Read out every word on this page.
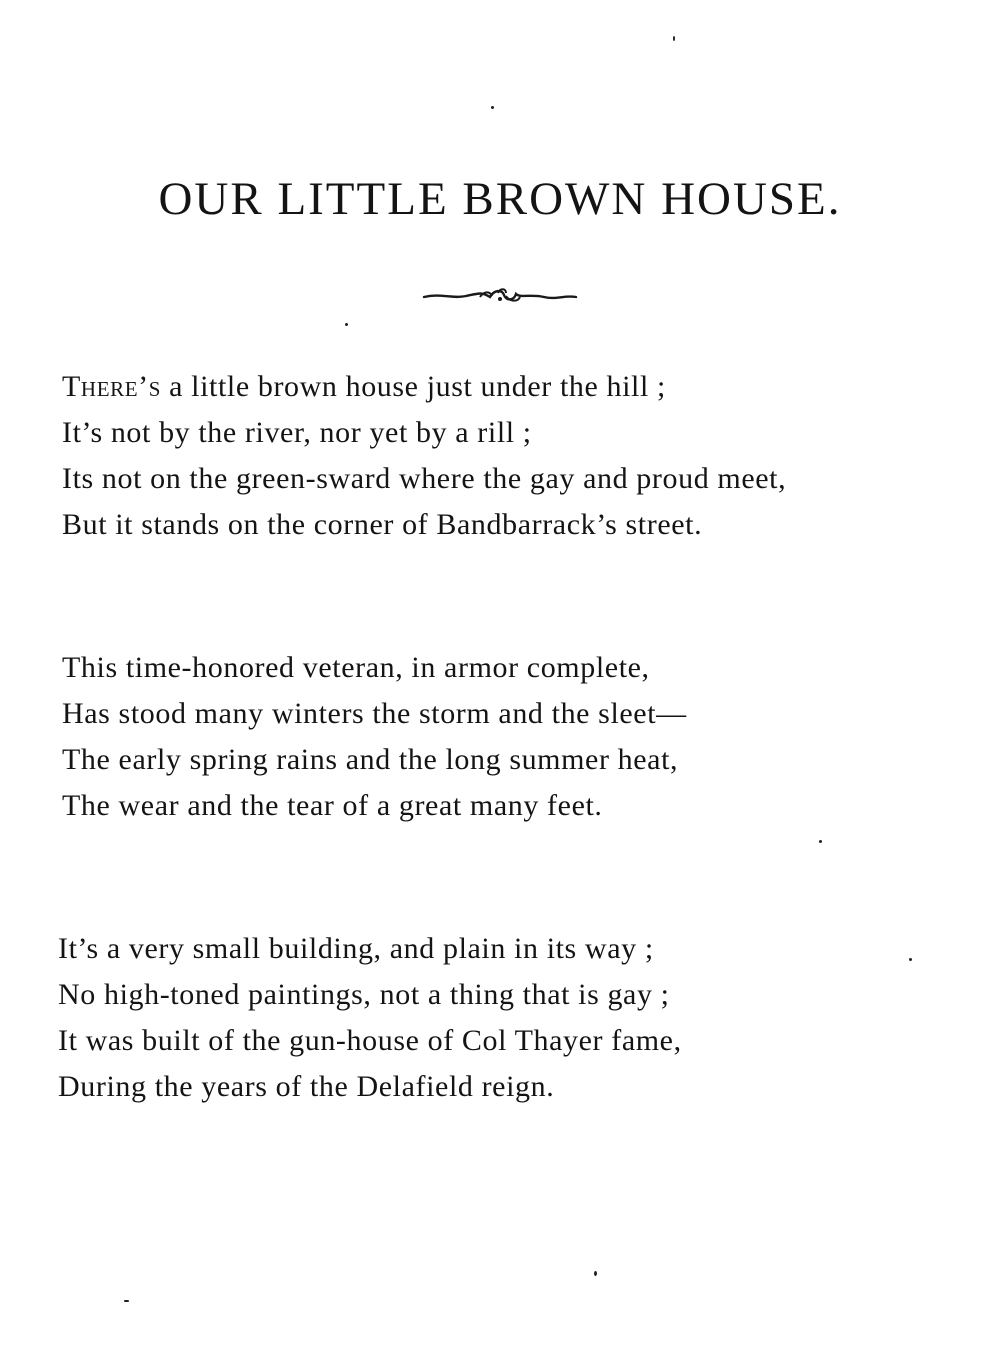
OUR LITTLE BROWN HOUSE.

There’s a little brown house just under the hill ;
It’s not by the river, nor yet by a rill ;
Its not on the green-sward where the gay and proud meet,
But it stands on the corner of Bandbarrack’s street.

This time-honored veteran, in armor complete,
Has stood many winters the storm and the sleet—
The early spring rains and the long summer heat,
The wear and the tear of a great many feet.

It’s a very small building, and plain in its way ;
No high-toned paintings, not a thing that is gay ;
It was built of the gun-house of Col Thayer fame,
During the years of the Delafield reign.
